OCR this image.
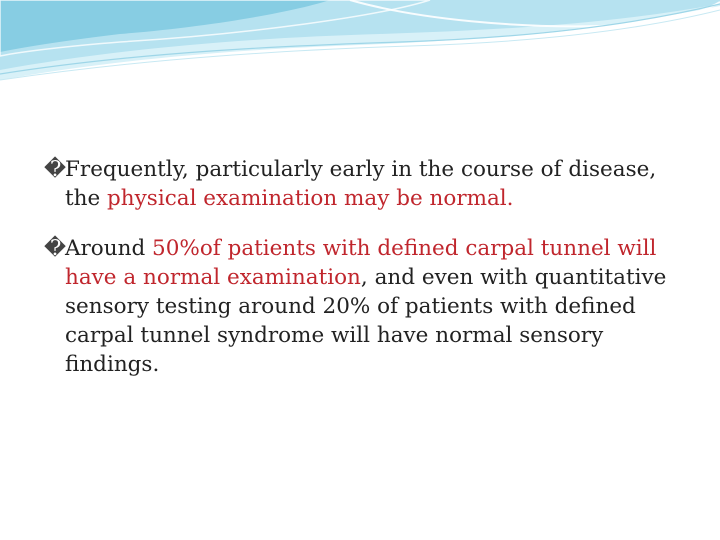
�
Frequently, particularly early in the course of disease, the physical examination may be normal.
�
Around 50%of patients with defined carpal tunnel will have a normal examination, and even with quantitative sensory testing around 20% of patients with defined carpal tunnel syndrome will have normal sensory findings.
